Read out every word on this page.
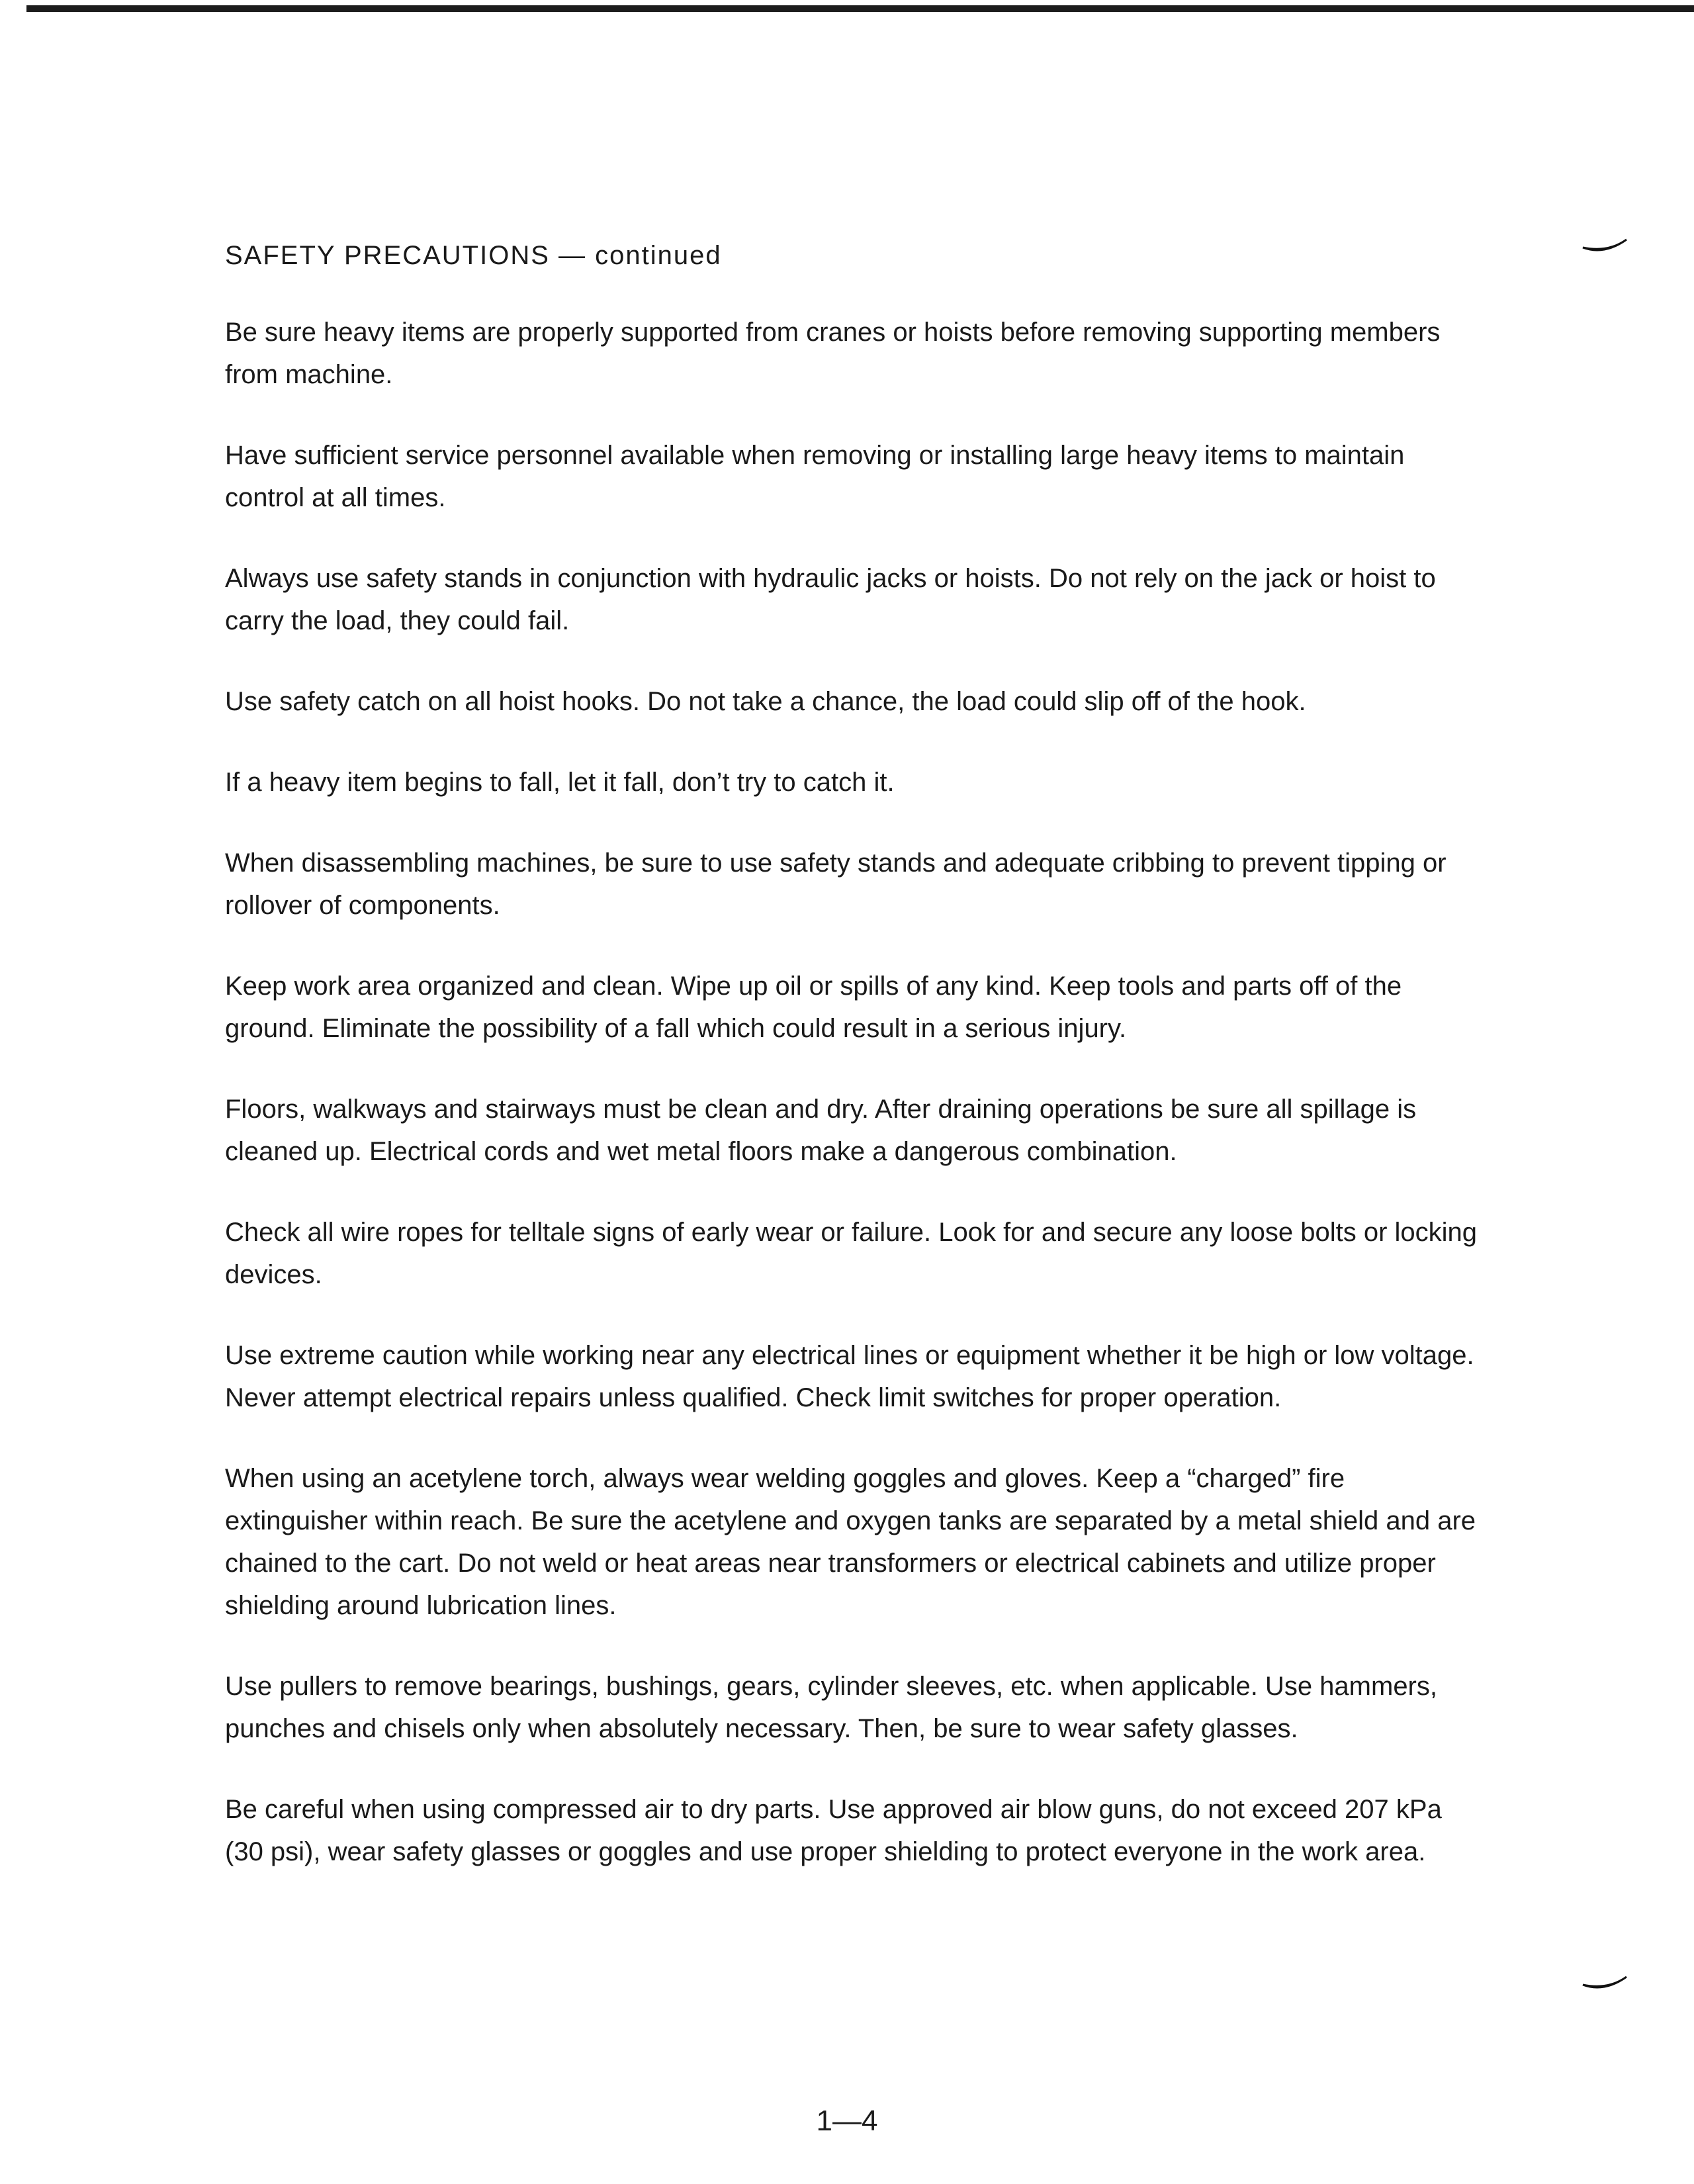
SAFETY PRECAUTIONS — continued

Be sure heavy items are properly supported from cranes or hoists before removing supporting members from machine.

Have sufficient service personnel available when removing or installing large heavy items to maintain control at all times.

Always use safety stands in conjunction with hydraulic jacks or hoists. Do not rely on the jack or hoist to carry the load, they could fail.

Use safety catch on all hoist hooks. Do not take a chance, the load could slip off of the hook.

If a heavy item begins to fall, let it fall, don’t try to catch it.

When disassembling machines, be sure to use safety stands and adequate cribbing to prevent tipping or rollover of components.

Keep work area organized and clean. Wipe up oil or spills of any kind. Keep tools and parts off of the ground. Eliminate the possibility of a fall which could result in a serious injury.

Floors, walkways and stairways must be clean and dry. After draining operations be sure all spillage is cleaned up. Electrical cords and wet metal floors make a dangerous combination.

Check all wire ropes for telltale signs of early wear or failure. Look for and secure any loose bolts or locking devices.

Use extreme caution while working near any electrical lines or equipment whether it be high or low voltage. Never attempt electrical repairs unless qualified. Check limit switches for proper operation.

When using an acetylene torch, always wear welding goggles and gloves. Keep a “charged” fire extinguisher within reach. Be sure the acetylene and oxygen tanks are separated by a metal shield and are chained to the cart. Do not weld or heat areas near transformers or electrical cabinets and utilize proper shielding around lubrication lines.

Use pullers to remove bearings, bushings, gears, cylinder sleeves, etc. when applicable. Use hammers, punches and chisels only when absolutely necessary. Then, be sure to wear safety glasses.

Be careful when using compressed air to dry parts. Use approved air blow guns, do not exceed 207 kPa (30 psi), wear safety glasses or goggles and use proper shielding to protect everyone in the work area.

1—4
